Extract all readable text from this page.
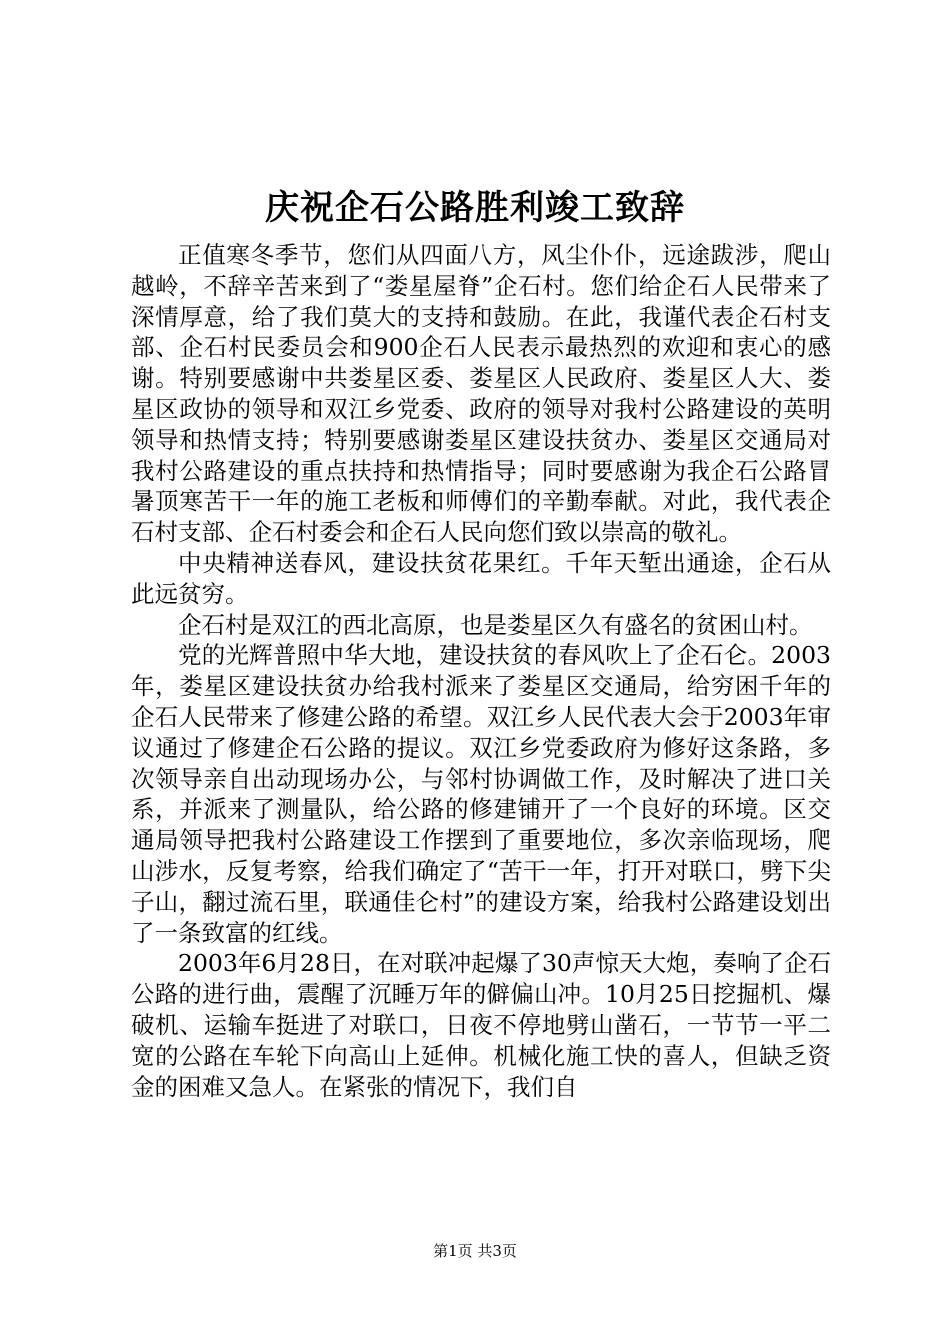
庆祝企石公路胜利竣工致辞

正值寒冬季节，您们从四面八方，风尘仆仆，远途跋涉，爬山越岭，不辞辛苦来到了“娄星屋脊”企石村。您们给企石人民带来了深情厚意，给了我们莫大的支持和鼓励。在此，我谨代表企石村支部、企石村民委员会和900企石人民表示最热烈的欢迎和衷心的感谢。特别要感谢中共娄星区委、娄星区人民政府、娄星区人大、娄星区政协的领导和双江乡党委、政府的领导对我村公路建设的英明领导和热情支持；特别要感谢娄星区建设扶贫办、娄星区交通局对我村公路建设的重点扶持和热情指导；同时要感谢为我企石公路冒暑顶寒苦干一年的施工老板和师傅们的辛勤奉献。对此，我代表企石村支部、企石村委会和企石人民向您们致以崇高的敬礼。

中央精神送春风，建设扶贫花果红。千年天堑出通途，企石从此远贫穷。

企石村是双江的西北高原，也是娄星区久有盛名的贫困山村。

党的光辉普照中华大地，建设扶贫的春风吹上了企石仑。2003年，娄星区建设扶贫办给我村派来了娄星区交通局，给穷困千年的企石人民带来了修建公路的希望。双江乡人民代表大会于2003年审议通过了修建企石公路的提议。双江乡党委政府为修好这条路，多次领导亲自出动现场办公，与邻村协调做工作，及时解决了进口关系，并派来了测量队，给公路的修建铺开了一个良好的环境。区交通局领导把我村公路建设工作摆到了重要地位，多次亲临现场，爬山涉水，反复考察，给我们确定了“苦干一年，打开对联口，劈下尖子山，翻过流石里，联通佳仑村”的建设方案，给我村公路建设划出了一条致富的红线。

2003年6月28日，在对联冲起爆了30声惊天大炮，奏响了企石公路的进行曲，震醒了沉睡万年的僻偏山冲。10月25日挖掘机、爆破机、运输车挺进了对联口，日夜不停地劈山凿石，一节节一平二宽的公路在车轮下向高山上延伸。机械化施工快的喜人，但缺乏资金的困难又急人。在紧张的情况下，我们自

第1页 共3页
